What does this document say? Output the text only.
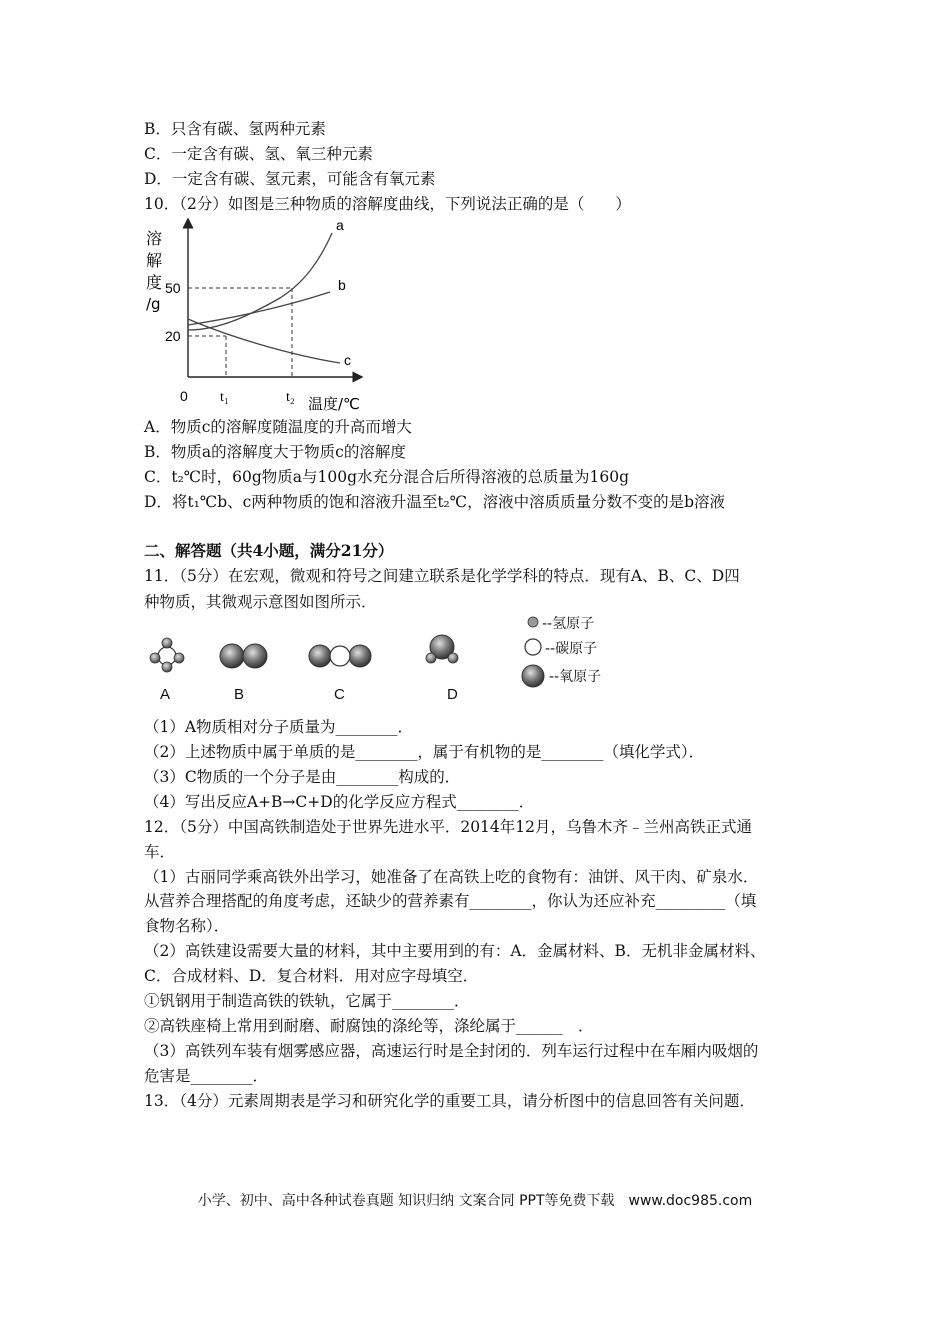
B．只含有碳、氢两种元素
C．一定含有碳、氢、氧三种元素
D．一定含有碳、氢元素，可能含有氧元素
10．（2分）如图是三种物质的溶解度曲线，下列说法正确的是（　　）
溶
解
度
/g
50
20
0 t₁	t₂ 温度/℃
a
b
c
A．物质c的溶解度随温度的升高而增大
B．物质a的溶解度大于物质c的溶解度
C．t₂℃时，60g物质a与100g水充分混合后所得溶液的总质量为160g
D．将t₁℃b、c两种物质的饱和溶液升温至t₂℃，溶液中溶质质量分数不变的是b溶液
二、解答题（共4小题，满分21分）
11．（5分）在宏观，微观和符号之间建立联系是化学学科的特点．现有A、B、C、D四
种物质，其微观示意图如图所示．
A	B	C	D
--氢原子
--碳原子
--氧原子
（1）A物质相对分子质量为________．
（2）上述物质中属于单质的是________，属于有机物的是________（填化学式）．
（3）C物质的一个分子是由________构成的．
（4）写出反应A+B→C+D的化学反应方程式________．
12．（5分）中国高铁制造处于世界先进水平．2014年12月，乌鲁木齐﹣兰州高铁正式通
车．
（1）古丽同学乘高铁外出学习，她准备了在高铁上吃的食物有：油饼、风干肉、矿泉水．
从营养合理搭配的角度考虑，还缺少的营养素有________，你认为还应补充_________（填
食物名称）．
（2）高铁建设需要大量的材料，其中主要用到的有：A．金属材料、B．无机非金属材料、
C．合成材料、D．复合材料．用对应字母填空．
①钒钢用于制造高铁的铁轨，它属于________．
②高铁座椅上常用到耐磨、耐腐蚀的涤纶等，涤纶属于______　．
（3）高铁列车装有烟雾感应器，高速运行时是全封闭的．列车运行过程中在车厢内吸烟的
危害是________．
13．（4分）元素周期表是学习和研究化学的重要工具，请分析图中的信息回答有关问题．
小学、初中、高中各种试卷真题 知识归纳 文案合同 PPT等免费下载　www.doc985.com
